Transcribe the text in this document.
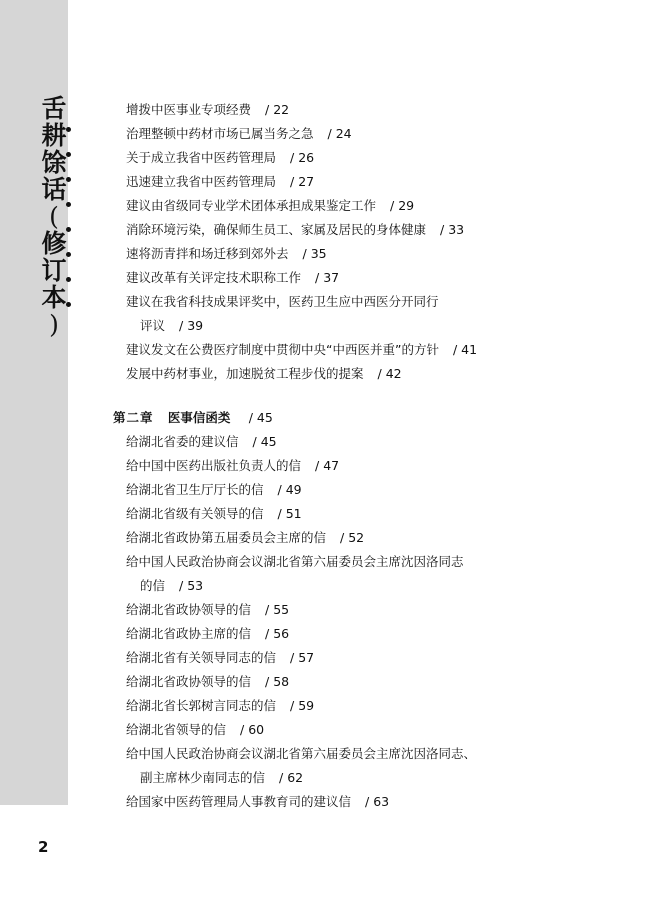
舌
耕
馀
话
(
修
订
本
)
增拨中医事业专项经费 / 22
治理整顿中药材市场已属当务之急 / 24
关于成立我省中医药管理局 / 26
迅速建立我省中医药管理局 / 27
建议由省级同专业学术团体承担成果鉴定工作 / 29
消除环境污染，确保师生员工、家属及居民的身体健康 / 33
速将沥青拌和场迁移到郊外去 / 35
建议改革有关评定技术职称工作 / 37
建议在我省科技成果评奖中，医药卫生应中西医分开同行
评议 / 39
建议发文在公费医疗制度中贯彻中央“中西医并重”的方针 / 41
发展中药材事业，加速脱贫工程步伐的提案 / 42
第二章 医事信函类 / 45
给湖北省委的建议信 / 45
给中国中医药出版社负责人的信 / 47
给湖北省卫生厅厅长的信 / 49
给湖北省级有关领导的信 / 51
给湖北省政协第五届委员会主席的信 / 52
给中国人民政治协商会议湖北省第六届委员会主席沈因洛同志
的信 / 53
给湖北省政协领导的信 / 55
给湖北省政协主席的信 / 56
给湖北省有关领导同志的信 / 57
给湖北省政协领导的信 / 58
给湖北省长郭树言同志的信 / 59
给湖北省领导的信 / 60
给中国人民政治协商会议湖北省第六届委员会主席沈因洛同志、
副主席林少南同志的信 / 62
给国家中医药管理局人事教育司的建议信 / 63
2
